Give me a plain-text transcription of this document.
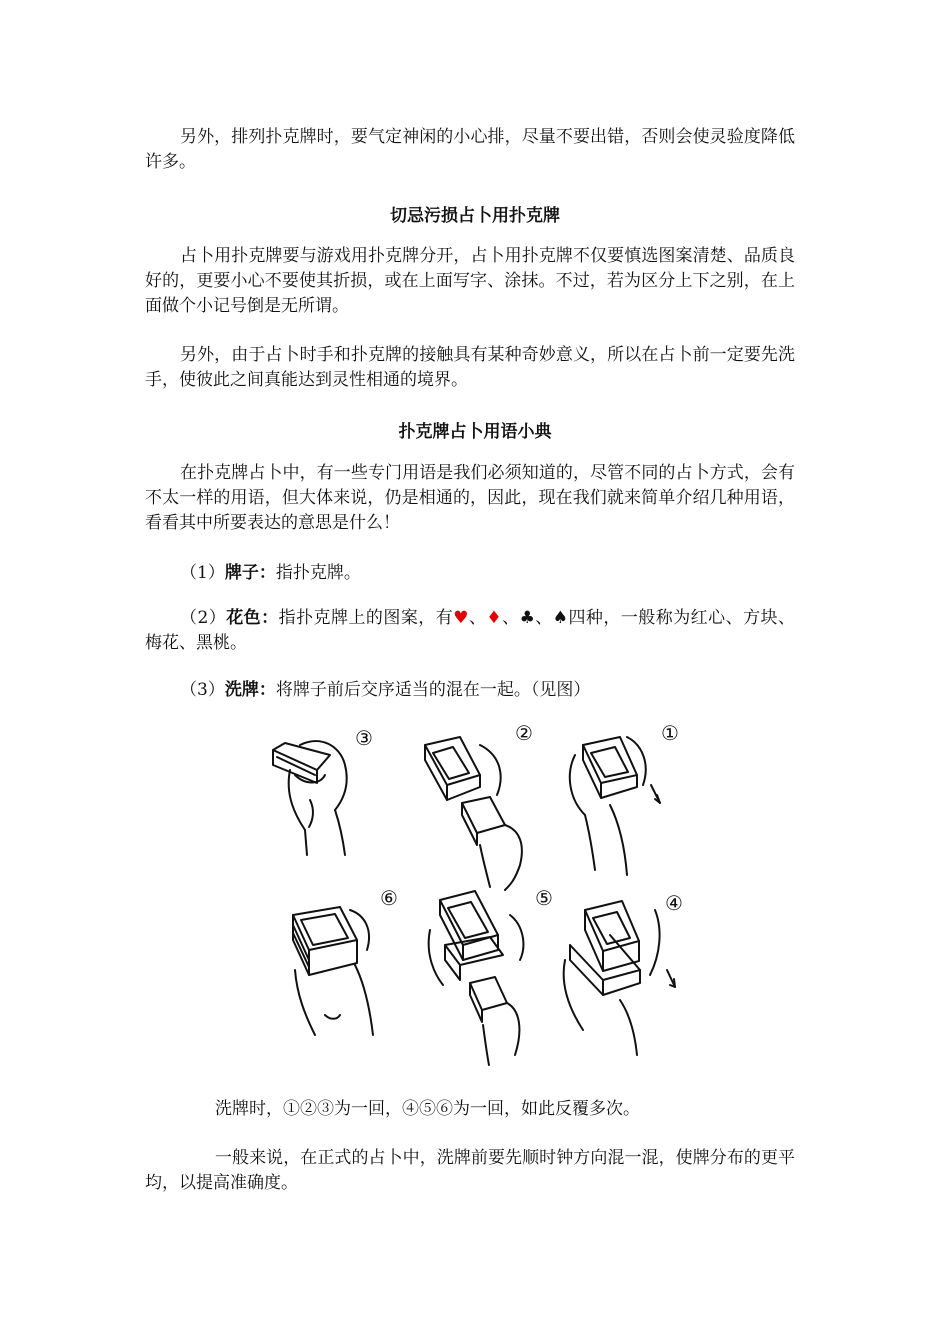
另外，排列扑克牌时，要气定神闲的小心排，尽量不要出错，否则会使灵验度降低许多。

切忌污损占卜用扑克牌

占卜用扑克牌要与游戏用扑克牌分开，占卜用扑克牌不仅要慎选图案清楚、品质良好的，更要小心不要使其折损，或在上面写字、涂抹。不过，若为区分上下之别，在上面做个小记号倒是无所谓。

另外，由于占卜时手和扑克牌的接触具有某种奇妙意义，所以在占卜前一定要先洗手，使彼此之间真能达到灵性相通的境界。

扑克牌占卜用语小典

在扑克牌占卜中，有一些专门用语是我们必须知道的，尽管不同的占卜方式，会有不太一样的用语，但大体来说，仍是相通的，因此，现在我们就来简单介绍几种用语，看看其中所要表达的意思是什么！

（1）牌子：指扑克牌。

（2）花色：指扑克牌上的图案，有♥、♦、♣、♠四种，一般称为红心、方块、梅花、黑桃。

（3）洗牌：将牌子前后交序适当的混在一起。（见图）

③	②	①
⑥	⑤	④

洗牌时，①②③为一回，④⑤⑥为一回，如此反覆多次。

一般来说，在正式的占卜中，洗牌前要先顺时钟方向混一混，使牌分布的更平均，以提高准确度。
